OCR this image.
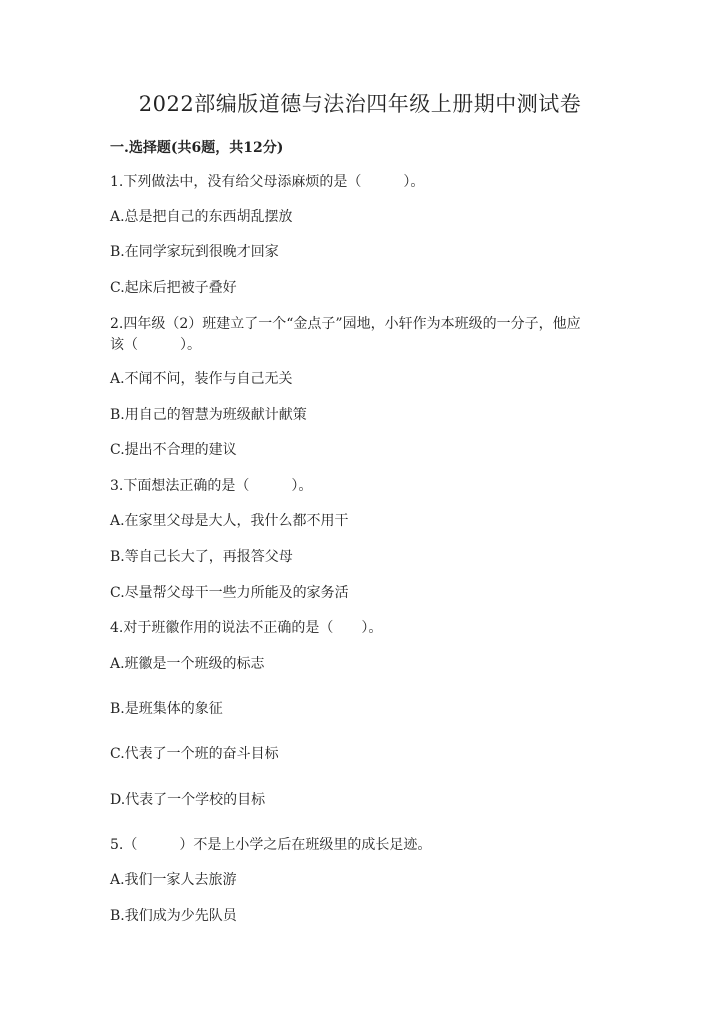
2022部编版道德与法治四年级上册期中测试卷
一.选择题(共6题，共12分)
1.下列做法中，没有给父母添麻烦的是（　　　）。
A.总是把自己的东西胡乱摆放
B.在同学家玩到很晚才回家
C.起床后把被子叠好
2.四年级（2）班建立了一个“金点子”园地，小轩作为本班级的一分子，他应
该（　　　）。
A.不闻不问，装作与自己无关
B.用自己的智慧为班级献计献策
C.提出不合理的建议
3.下面想法正确的是（　　　）。
A.在家里父母是大人，我什么都不用干
B.等自己长大了，再报答父母
C.尽量帮父母干一些力所能及的家务活
4.对于班徽作用的说法不正确的是（　　）。
A.班徽是一个班级的标志
B.是班集体的象征
C.代表了一个班的奋斗目标
D.代表了一个学校的目标
5.（　　　）不是上小学之后在班级里的成长足迹。
A.我们一家人去旅游
B.我们成为少先队员
